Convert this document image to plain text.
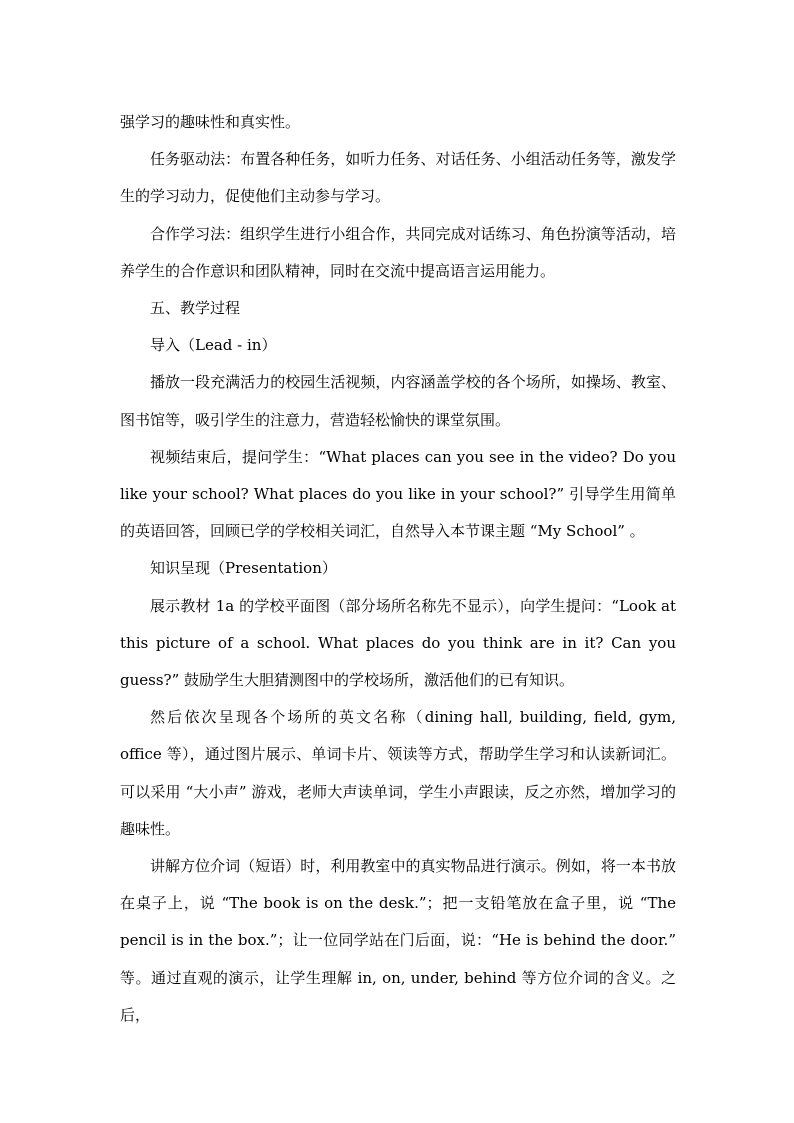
强学习的趣味性和真实性。

任务驱动法：布置各种任务，如听力任务、对话任务、小组活动任务等，激发学生的学习动力，促使他们主动参与学习。

合作学习法：组织学生进行小组合作，共同完成对话练习、角色扮演等活动，培养学生的合作意识和团队精神，同时在交流中提高语言运用能力。

五、教学过程

导入（Lead - in）

播放一段充满活力的校园生活视频，内容涵盖学校的各个场所，如操场、教室、图书馆等，吸引学生的注意力，营造轻松愉快的课堂氛围。

视频结束后，提问学生：“What places can you see in the video? Do you like your school? What places do you like in your school?” 引导学生用简单的英语回答，回顾已学的学校相关词汇，自然导入本节课主题 “My School” 。

知识呈现（Presentation）

展示教材 1a 的学校平面图（部分场所名称先不显示），向学生提问：“Look at this picture of a school. What places do you think are in it? Can you guess?” 鼓励学生大胆猜测图中的学校场所，激活他们的已有知识。

然后依次呈现各个场所的英文名称（dining hall, building, field, gym, office 等），通过图片展示、单词卡片、领读等方式，帮助学生学习和认读新词汇。可以采用 “大小声” 游戏，老师大声读单词，学生小声跟读，反之亦然，增加学习的趣味性。

讲解方位介词（短语）时，利用教室中的真实物品进行演示。例如，将一本书放在桌子上，说 “The book is on the desk.”；把一支铅笔放在盒子里，说 “The pencil is in the box.”；让一位同学站在门后面，说：“He is behind the door.” 等。通过直观的演示，让学生理解 in, on, under, behind 等方位介词的含义。之后，
